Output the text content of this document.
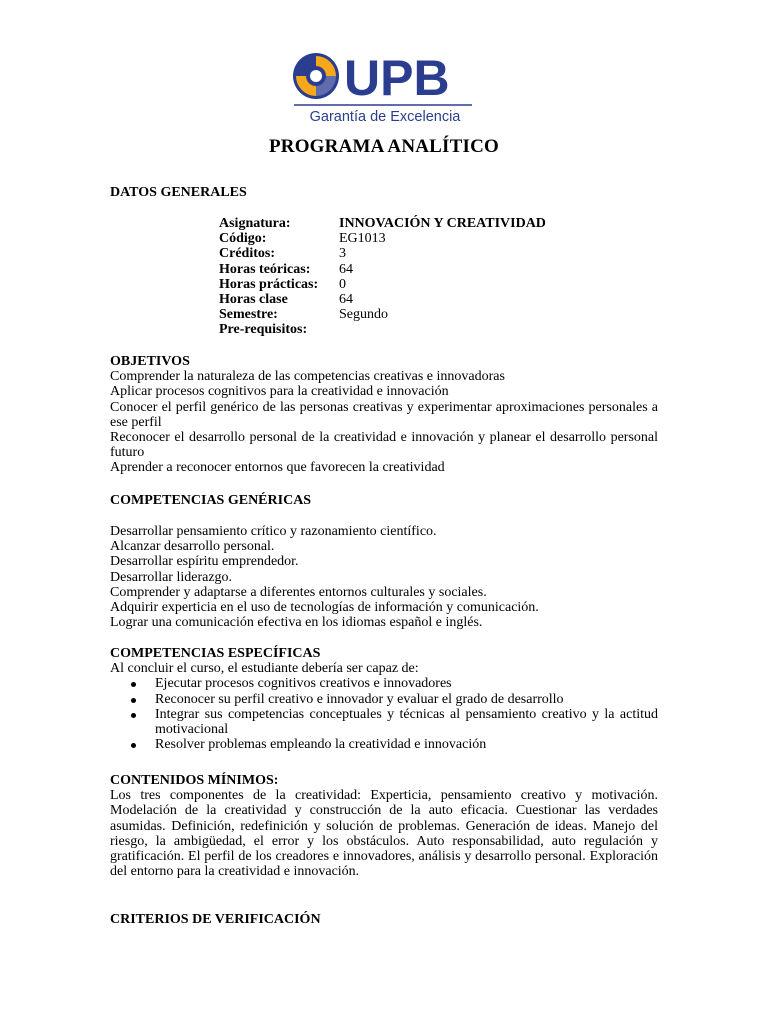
UPB
Garantía de Excelencia
PROGRAMA ANALÍTICO
DATOS GENERALES
Asignatura:	INNOVACIÓN Y CREATIVIDAD
Código:	EG1013
Créditos:	3
Horas teóricas:	64
Horas prácticas:	0
Horas clase	64
Semestre:	Segundo
Pre-requisitos:
OBJETIVOS
Comprender la naturaleza de las competencias creativas e innovadoras
Aplicar procesos cognitivos para la creatividad e innovación
Conocer el perfil genérico de las personas creativas y experimentar aproximaciones personales a ese perfil
Reconocer el desarrollo personal de la creatividad e innovación y planear el desarrollo personal futuro
Aprender a reconocer entornos que favorecen la creatividad
COMPETENCIAS GENÉRICAS
Desarrollar pensamiento crítico y razonamiento científico.
Alcanzar desarrollo personal.
Desarrollar espíritu emprendedor.
Desarrollar liderazgo.
Comprender y adaptarse a diferentes entornos culturales y sociales.
Adquirir experticia en el uso de tecnologías de información y comunicación.
Lograr una comunicación efectiva en los idiomas español e inglés.
COMPETENCIAS ESPECÍFICAS
Al concluir el curso, el estudiante debería ser capaz de:
Ejecutar procesos cognitivos creativos e innovadores
Reconocer su perfil creativo e innovador y evaluar el grado de desarrollo
Integrar sus competencias conceptuales y técnicas al pensamiento creativo y la actitud motivacional
Resolver problemas empleando la creatividad e innovación
CONTENIDOS MÍNIMOS:
Los tres componentes de la creatividad: Experticia, pensamiento creativo y motivación. Modelación de la creatividad y construcción de la auto eficacia. Cuestionar las verdades asumidas. Definición, redefinición y solución de problemas. Generación de ideas. Manejo del riesgo, la ambigüedad, el error y los obstáculos. Auto responsabilidad, auto regulación y gratificación. El perfil de los creadores e innovadores, análisis y desarrollo personal. Exploración del entorno para la creatividad e innovación.
CRITERIOS DE VERIFICACIÓN
